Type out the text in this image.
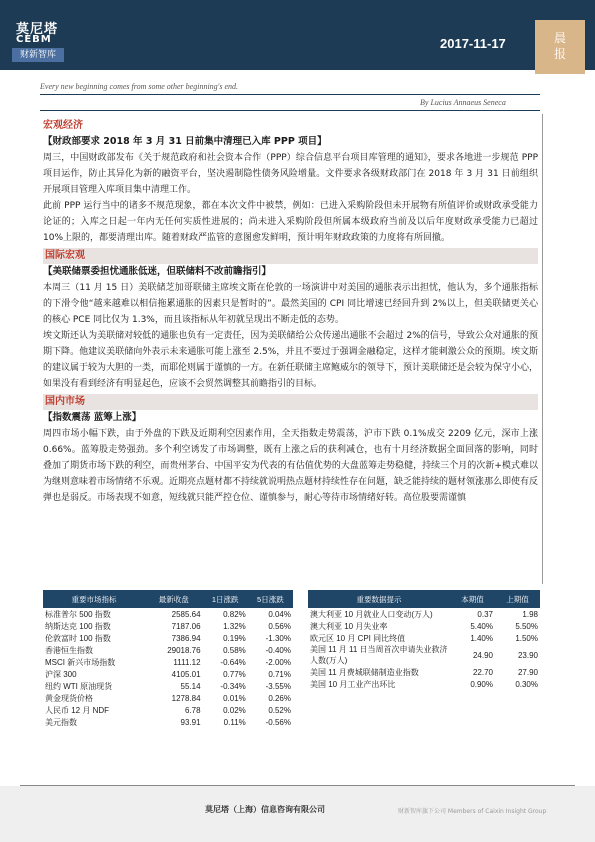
莫尼塔
CEBM
财新智库
2017-11-17	晨
报
Every new beginning comes from some other beginning's end.
By Lucius Annaeus Seneca
宏观经济
【财政部要求 2018 年 3 月 31 日前集中清理已入库 PPP 项目】
周三，中国财政部发布《关于规范政府和社会资本合作（PPP）综合信息平台项目库管理的通知》，要求各地进一步规范 PPP 项目运作，防止其异化为新的融资平台，坚决遏制隐性债务风险增量。文件要求各级财政部门在 2018 年 3 月 31 日前组织开展项目管理入库项目集中清理工作。
此前 PPP 运行当中的诸多不规范现象，都在本次文件中被禁，例如：已进入采购阶段但未开展物有所值评价或财政承受能力论证的；入库之日起一年内无任何实质性进展的；尚未进入采购阶段但所属本级政府当前及以后年度财政承受能力已超过 10%上限的，都要清理出库。随着财政严监管的意图愈发鲜明，预计明年财政政策的力度将有所回撤。
国际宏观
【美联储票委担忧通胀低迷，但联储料不改前瞻指引】
本周三（11 月 15 日）美联储芝加哥联储主席埃文斯在伦敦的一场演讲中对美国的通胀表示出担忧，他认为，多个通胀指标的下滑令他“越来越难以相信拖累通胀的因素只是暂时的”。最然美国的 CPI 同比增速已经回升到 2%以上，但美联储更关心的核心 PCE 同比仅为 1.3%，而且该指标从年初就呈现出不断走低的态势。
埃文斯还认为美联储对较低的通胀也负有一定责任，因为美联储给公众传递出通胀不会超过 2%的信号，导致公众对通胀的预期下降。他建议美联储向外表示未来通胀可能上涨至 2.5%，并且不要过于强调金融稳定，这样才能刺激公众的预期。埃文斯的建议属于较为大胆的一类，而耶伦则属于谨慎的一方。在新任联储主席鲍威尔的领导下，预计美联储还是会较为保守小心，如果没有看到经济有明显起色，应该不会贸然调整其前瞻指引的目标。
国内市场
【指数震荡 蓝筹上涨】
周四市场小幅下跌，由于外盘的下跌及近期利空因素作用，全天指数走势震荡，沪市下跌 0.1%成交 2209 亿元，深市上涨 0.66%。蓝筹股走势强劲。多个利空诱发了市场调整，既有上涨之后的获利减仓，也有十月经济数据全面回落的影响，同时叠加了期货市场下跌的利空，而贵州茅台、中国平安为代表的有估值优势的大盘蓝筹走势稳健，持续三个月的次新+模式难以为继则意味着市场情绪不乐观。近期亮点题材都不持续就说明热点题材持续性存在问题，缺乏能持续的题材领涨那么即使有反弹也是弱反。市场表现不如意，短线就只能严控仓位、谨慎参与，耐心等待市场情绪好转。高位股要需谨慎
重要市场指标	最新收盘	1日涨跌	5日涨跌
标准普尔 500 指数	2585.64	0.82%	0.04%
纳斯达克 100 指数	7187.06	1.32%	0.56%
伦敦富时 100 指数	7386.94	0.19%	-1.30%
香港恒生指数	29018.76	0.58%	-0.40%
MSCI 新兴市场指数	1111.12	-0.64%	-2.00%
沪深 300	4105.01	0.77%	0.71%
纽约 WTI 原油现货	55.14	-0.34%	-3.55%
黄金现货价格	1278.84	0.01%	0.26%
人民币 12 月 NDF	6.78	0.02%	0.52%
美元指数	93.91	0.11%	-0.56%
重要数据提示	本期值	上期值
澳大利亚 10 月就业人口变动(万人)	0.37	1.98
澳大利亚 10 月失业率	5.40%	5.50%
欧元区 10 月 CPI 同比终值	1.40%	1.50%
美国 11 月 11 日当周首次申请失业救济人数(万人)	24.90	23.90
美国 11 月费城联储制造业指数	22.70	27.90
美国 10 月工业产出环比	0.90%	0.30%
莫尼塔（上海）信息咨询有限公司	财新智库旗下公司 Members of Caixin Insight Group
